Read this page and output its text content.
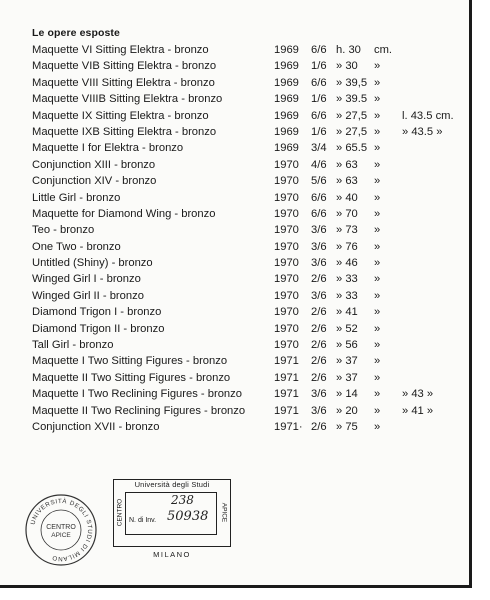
Le opere esposte
Maquette VI Sitting Elektra - bronzo	1969 6/6 h. 30 cm.
Maquette VIB Sitting Elektra - bronzo	1969 1/6 » 30 »
Maquette VIII Sitting Elektra - bronzo	1969 6/6 » 39,5 »
Maquette VIIIB Sitting Elektra - bronzo	1969 1/6 » 39.5 »
Maquette IX Sitting Elektra - bronzo	1969 6/6 » 27,5 » l. 43.5 cm.
Maquette IXB Sitting Elektra - bronzo	1969 1/6 » 27,5 » » 43.5 »
Maquette I for Elektra - bronzo	1969 3/4 » 65.5 »
Conjunction XIII - bronzo	1970 4/6 » 63 »
Conjunction XIV - bronzo	1970 5/6 » 63 »
Little Girl - bronzo	1970 6/6 » 40 »
Maquette for Diamond Wing - bronzo	1970 6/6 » 70 »
Teo - bronzo	1970 3/6 » 73 »
One Two - bronzo	1970 3/6 » 76 »
Untitled (Shiny) - bronzo	1970 3/6 » 46 »
Winged Girl I - bronzo	1970 2/6 » 33 »
Winged Girl II - bronzo	1970 3/6 » 33 »
Diamond Trigon I - bronzo	1970 2/6 » 41 »
Diamond Trigon II - bronzo	1970 2/6 » 52 »
Tall Girl - bronzo	1970 2/6 » 56 »
Maquette I Two Sitting Figures - bronzo	1971 2/6 » 37 »
Maquette II Two Sitting Figures - bronzo	1971 2/6 » 37 »
Maquette I Two Reclining Figures - bronzo	1971 3/6 » 14 » » 43 »
Maquette II Two Reclining Figures - bronzo	1971 3/6 » 20 » » 41 »
Conjunction XVII - bronzo	1971· 2/6 » 75 »
UNIVERSITÀ DEGLI STUDI DI MILANO
CENTRO
APICE
Università degli Studi
CENTRO	APICE
238
N. di Inv. 50938
MILANO
